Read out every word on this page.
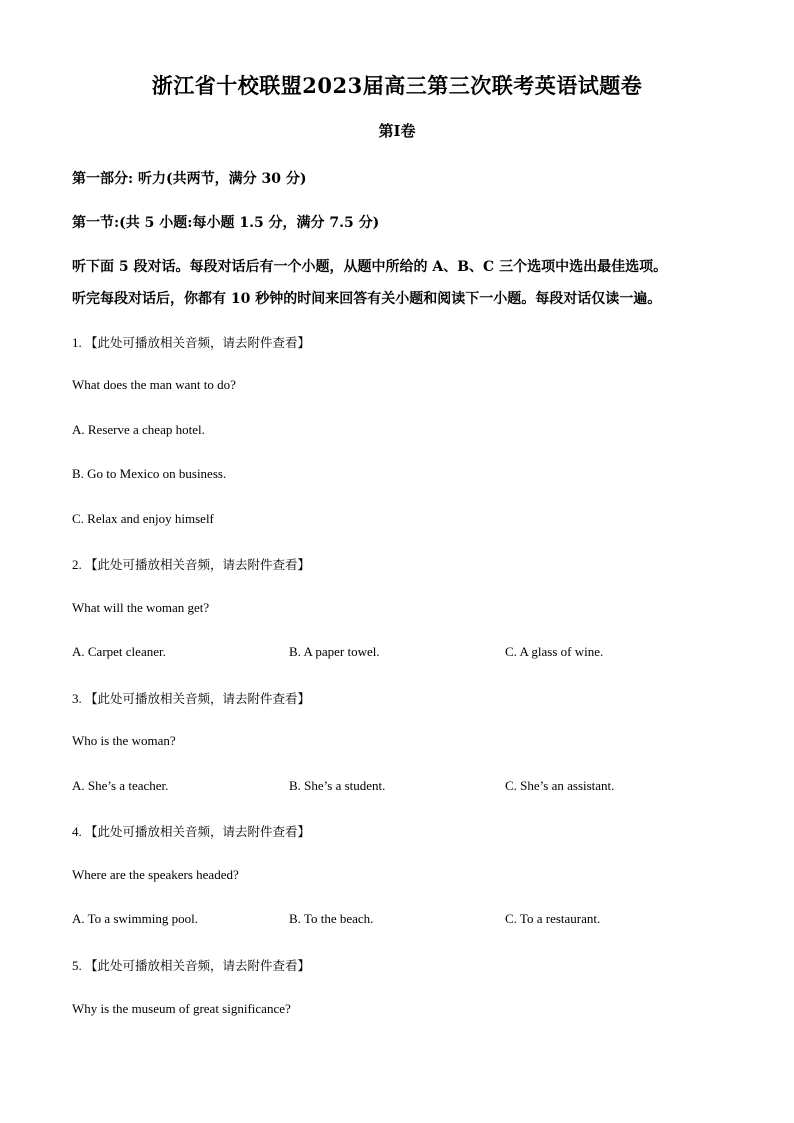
浙江省十校联盟2023届高三第三次联考英语试题卷

第I卷

第一部分: 听力(共两节，满分 30 分)

第一节:(共 5 小题:每小题 1.5 分，满分 7.5 分)

听下面 5 段对话。每段对话后有一个小题，从题中所给的 A、B、C 三个选项中选出最佳选项。

听完每段对话后，你都有 10 秒钟的时间来回答有关小题和阅读下一小题。每段对话仅读一遍。

1. 【此处可播放相关音频，请去附件查看】

What does the man want to do?

A. Reserve a cheap hotel.

B. Go to Mexico on business.

C. Relax and enjoy himself

2. 【此处可播放相关音频，请去附件查看】

What will the woman get?

A. Carpet cleaner.	B. A paper towel.	C. A glass of wine.

3. 【此处可播放相关音频，请去附件查看】

Who is the woman?

A. She’s a teacher.	B. She’s a student.	C. She’s an assistant.

4. 【此处可播放相关音频，请去附件查看】

Where are the speakers headed?

A. To a swimming pool.	B. To the beach.	C. To a restaurant.

5. 【此处可播放相关音频，请去附件查看】

Why is the museum of great significance?
